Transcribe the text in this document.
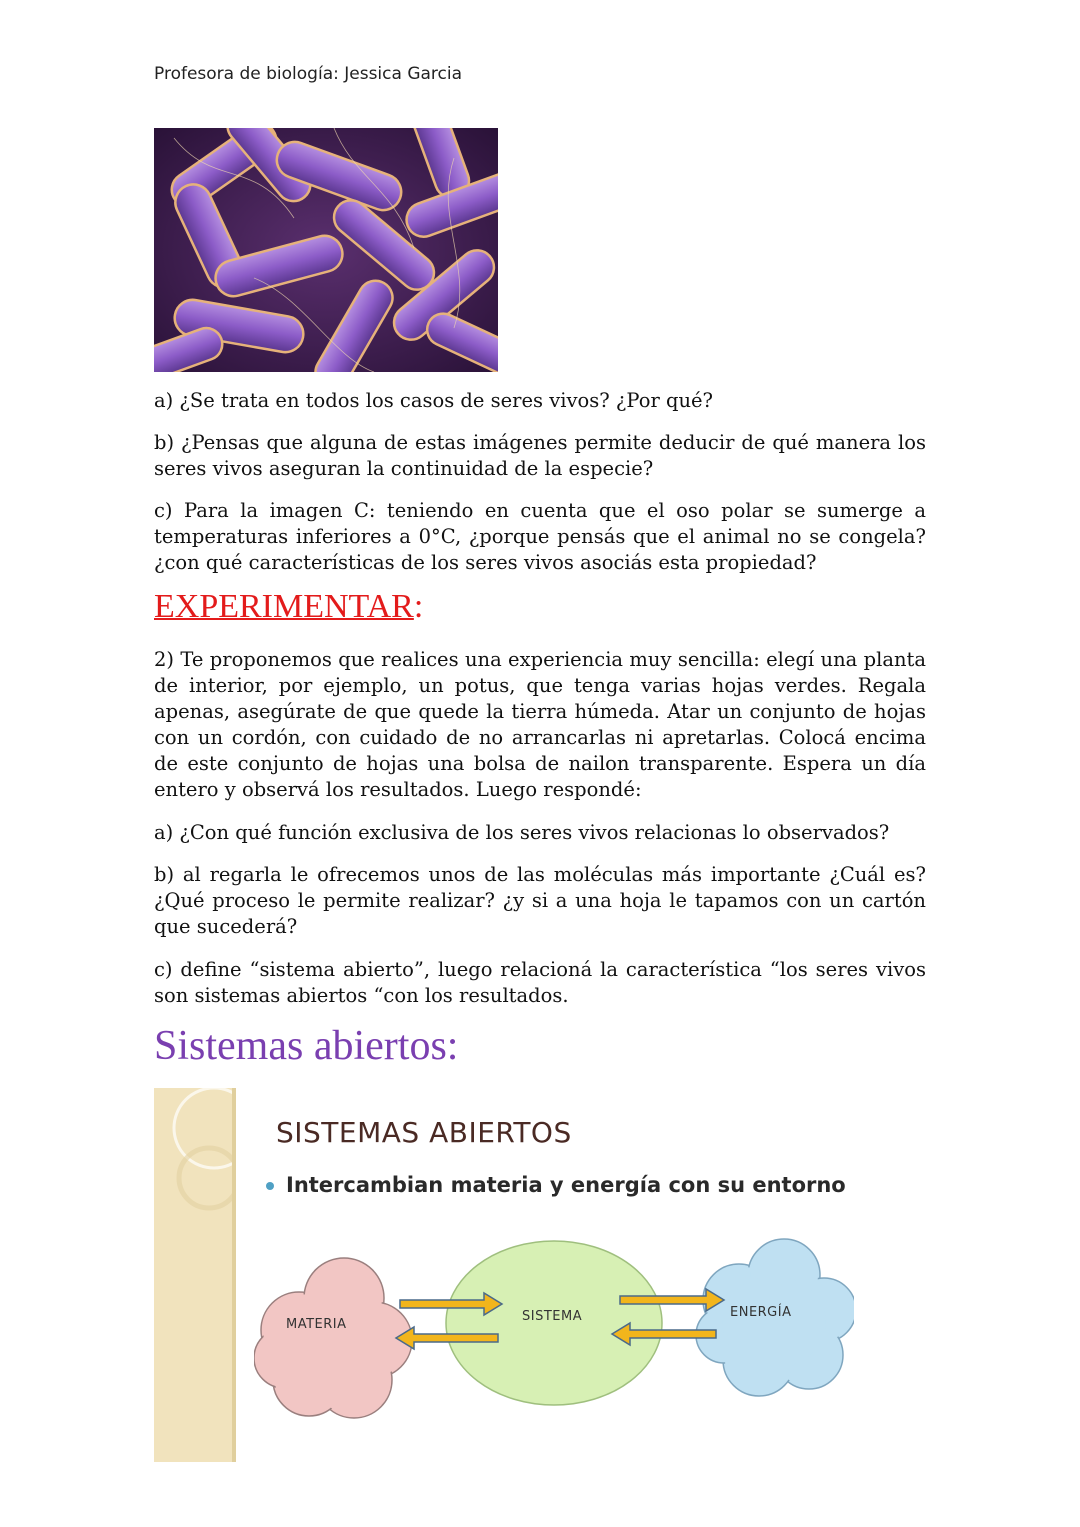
Profesora de biología: Jessica Garcia
a) ¿Se trata en todos los casos de seres vivos? ¿Por qué?
b) ¿Pensas que alguna de estas imágenes permite deducir de qué manera los seres vivos aseguran la continuidad de la especie?
c) Para la imagen C: teniendo en cuenta que el oso polar se sumerge a temperaturas inferiores a 0°C, ¿porque pensás que el animal no se congela? ¿con qué características de los seres vivos asociás esta propiedad?
EXPERIMENTAR:
2) Te proponemos que realices una experiencia muy sencilla: elegí una planta de interior, por ejemplo, un potus, que tenga varias hojas verdes. Regala apenas, asegúrate de que quede la tierra húmeda. Atar un conjunto de hojas con un cordón, con cuidado de no arrancarlas ni apretarlas. Colocá encima de este conjunto de hojas una bolsa de nailon transparente. Espera un día entero y observá los resultados. Luego respondé:
a) ¿Con qué función exclusiva de los seres vivos relacionas lo observados?
b) al regarla le ofrecemos unos de las moléculas más importante ¿Cuál es? ¿Qué proceso le permite realizar? ¿y si a una hoja le tapamos con un cartón que sucederá?
c) define “sistema abierto”, luego relacioná la característica “los seres vivos son sistemas abiertos “con los resultados.
Sistemas abiertos:
SISTEMAS ABIERTOS
Intercambian materia y energía con su entorno
MATERIA
SISTEMA	ENERGÍA
